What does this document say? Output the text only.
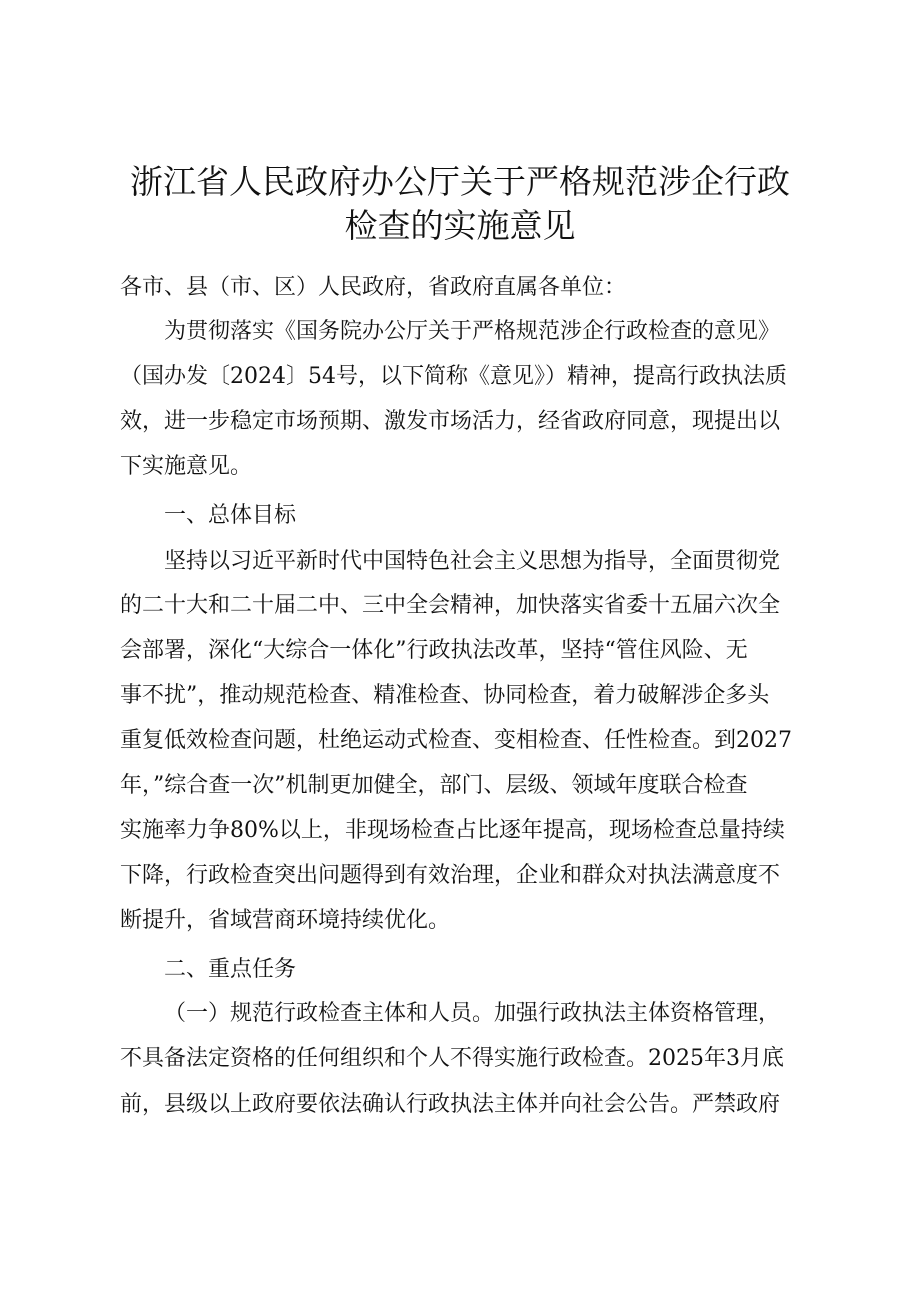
浙江省人民政府办公厅关于严格规范涉企行政
检查的实施意见
各市、县（市、区）人民政府，省政府直属各单位：
为贯彻落实《国务院办公厅关于严格规范涉企行政检查的意见》
（国办发〔2024〕54号，以下简称《意见》）精神，提高行政执法质
效，进一步稳定市场预期、激发市场活力，经省政府同意，现提出以
下实施意见。
一、总体目标
坚持以习近平新时代中国特色社会主义思想为指导，全面贯彻党
的二十大和二十届二中、三中全会精神，加快落实省委十五届六次全
会部署，深化“大综合一体化”行政执法改革，坚持“管住风险、无
事不扰”，推动规范检查、精准检查、协同检查，着力破解涉企多头
重复低效检查问题，杜绝运动式检查、变相检查、任性检查。到2027
年，”综合查一次”机制更加健全，部门、层级、领域年度联合检查
实施率力争80%以上，非现场检查占比逐年提高，现场检查总量持续
下降，行政检查突出问题得到有效治理，企业和群众对执法满意度不
断提升，省域营商环境持续优化。
二、重点任务
（一）规范行政检查主体和人员。加强行政执法主体资格管理，
不具备法定资格的任何组织和个人不得实施行政检查。2025年3月底
前，县级以上政府要依法确认行政执法主体并向社会公告。严禁政府
